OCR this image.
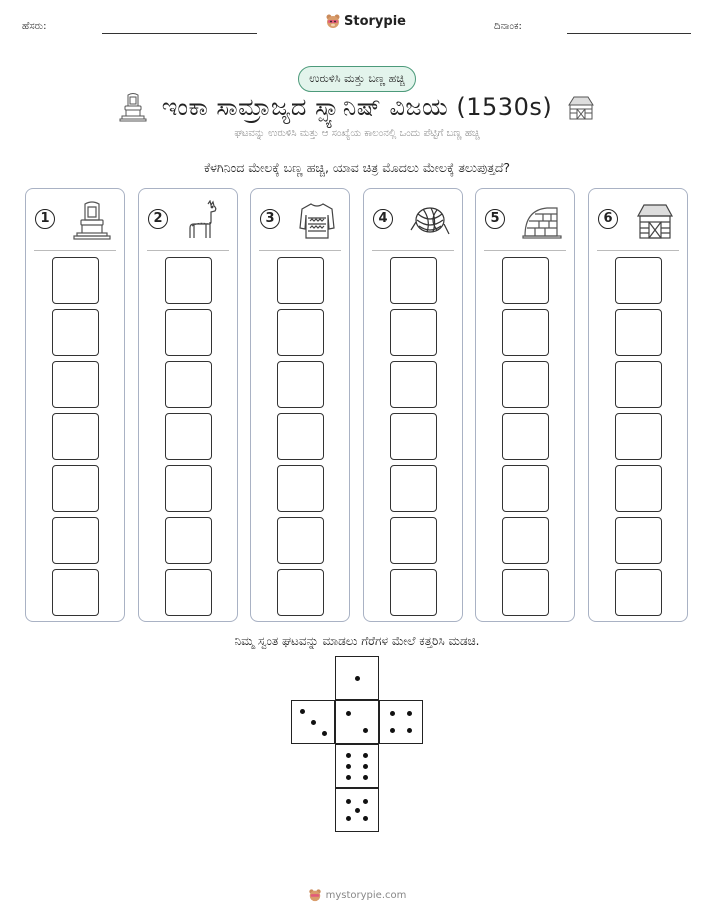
ಹೆಸರು:	Storypie	ದಿನಾಂಕ:
ಉರುಳಿಸಿ ಮತ್ತು ಬಣ್ಣ ಹಚ್ಚಿ
ಇಂಕಾ ಸಾಮ್ರಾಜ್ಯದ ಸ್ಪ್ಯಾನಿಷ್ ವಿಜಯ (1530s)
ಘಟವನ್ನು ಉರುಳಿಸಿ ಮತ್ತು ಆ ಸಂಖ್ಯೆಯ ಕಾಲಂನಲ್ಲಿ ಒಂದು ಪೆಟ್ಟಿಗೆ ಬಣ್ಣ ಹಚ್ಚಿ
ಕೆಳಗಿನಿಂದ ಮೇಲಕ್ಕೆ ಬಣ್ಣ ಹಚ್ಚಿ, ಯಾವ ಚಿತ್ರ ಮೊದಲು ಮೇಲಕ್ಕೆ ತಲುಪುತ್ತದೆ?
1	2	3	4	5	6
ನಿಮ್ಮ ಸ್ವಂತ ಘಟವನ್ನು ಮಾಡಲು ಗೆರೆಗಳ ಮೇಲೆ ಕತ್ತರಿಸಿ ಮಡಚಿ.
mystorypie.com
